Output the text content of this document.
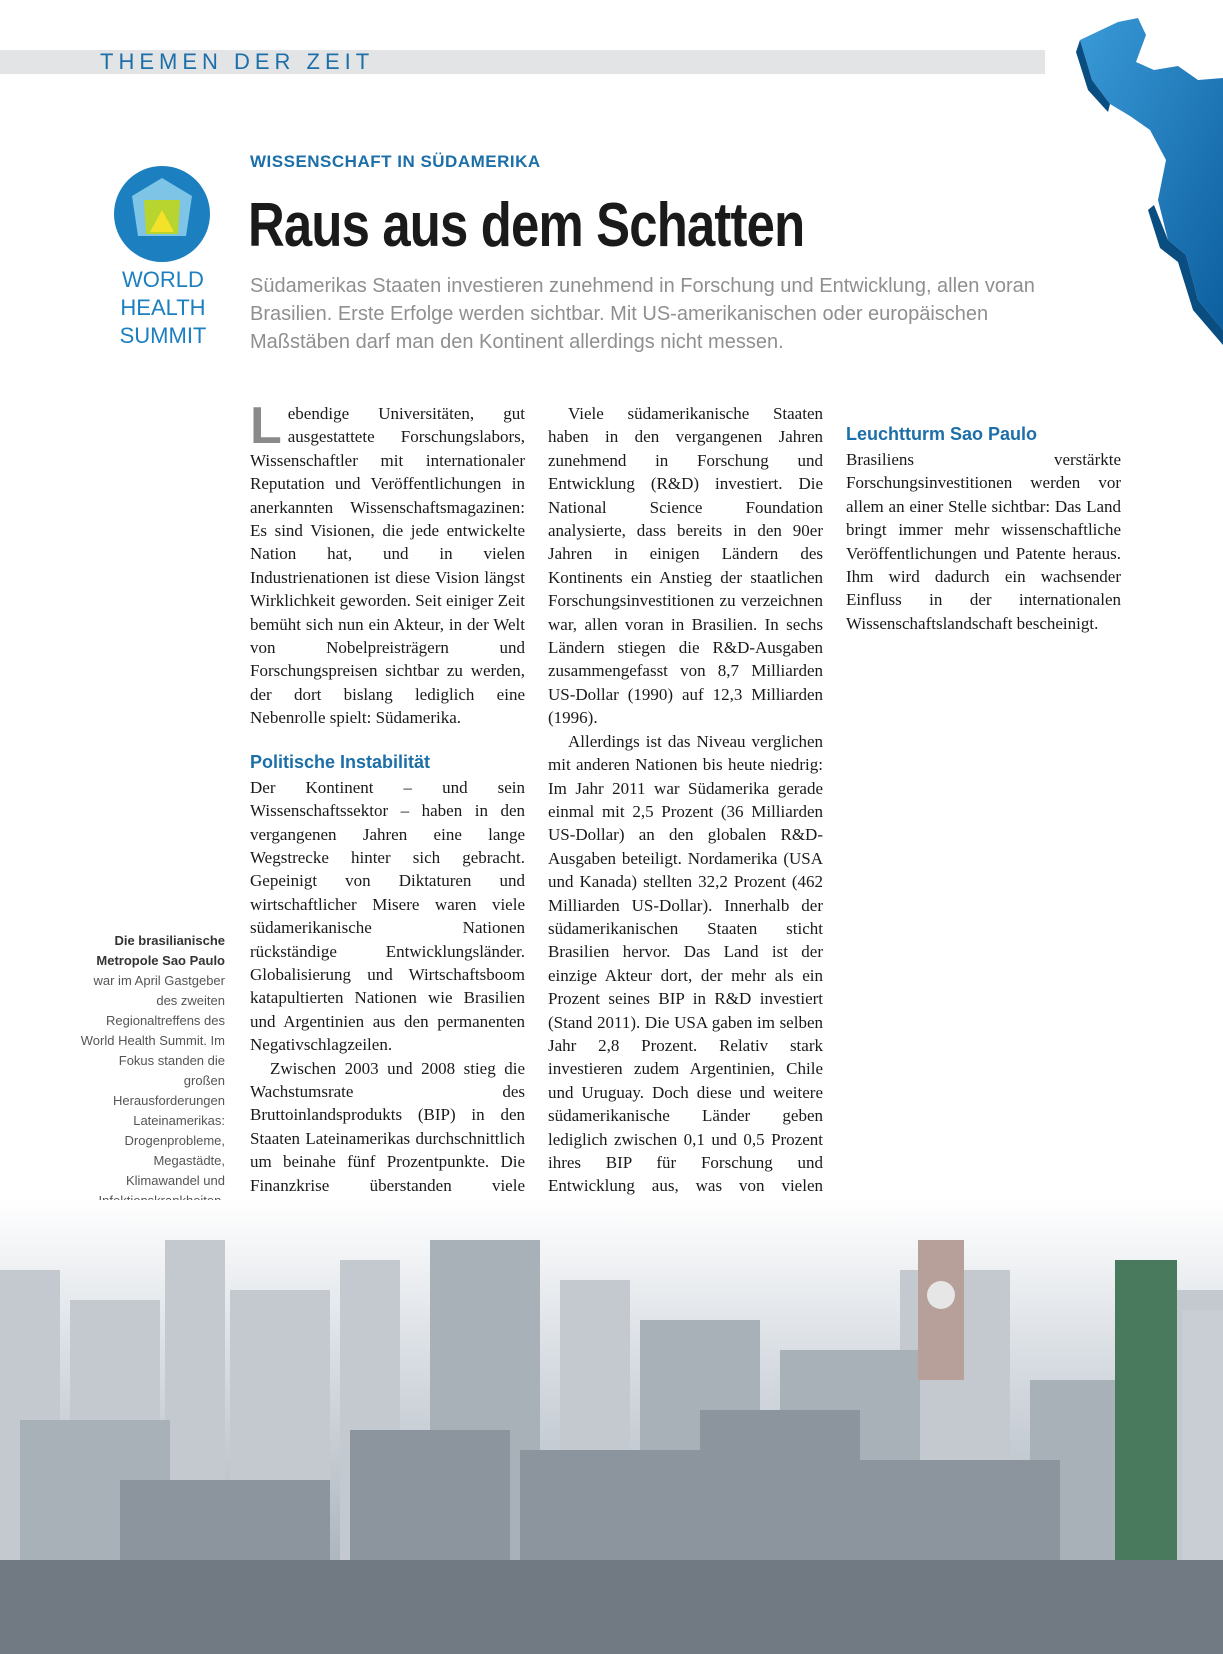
THEMEN DER ZEIT
WORLD
HEALTH
SUMMIT
WISSENSCHAFT IN SÜDAMERIKA
Raus aus dem Schatten

Südamerikas Staaten investieren zunehmend in Forschung und Entwicklung, allen voran Brasilien. Erste Erfolge werden sichtbar. Mit US-amerikanischen oder europäischen Maßstäben darf man den Kontinent allerdings nicht messen.

Lebendige Universitäten, gut ausgestattete Forschungslabors, Wissenschaftler mit internationaler Reputation und Veröffentlichungen in anerkannten Wissenschaftsmagazinen: Es sind Visionen, die jede entwickelte Nation hat, und in vielen Industrienationen ist diese Vision längst Wirklichkeit geworden. Seit einiger Zeit bemüht sich nun ein Akteur, in der Welt von Nobelpreisträgern und Forschungspreisen sichtbar zu werden, der dort bislang lediglich eine Nebenrolle spielt: Südamerika.

Politische Instabilität

Der Kontinent – und sein Wissenschaftssektor – haben in den vergangenen Jahren eine lange Wegstrecke hinter sich gebracht. Gepeinigt von Diktaturen und wirtschaftlicher Misere waren viele südamerikanische Nationen rückständige Entwicklungsländer. Globalisierung und Wirtschaftsboom katapultierten Nationen wie Brasilien und Argentinien aus den permanenten Negativschlagzeilen.

Zwischen 2003 und 2008 stieg die Wachstumsrate des Bruttoinlandsprodukts (BIP) in den Staaten Lateinamerikas durchschnittlich um beinahe fünf Prozentpunkte. Die Finanzkrise überstanden viele

Viele südamerikanische Staaten haben in den vergangenen Jahren zunehmend in Forschung und Entwicklung (R&D) investiert. Die National Science Foundation analysierte, dass bereits in den 90er Jahren in einigen Ländern des Kontinents ein Anstieg der staatlichen Forschungsinvestitionen zu verzeichnen war, allen voran in Brasilien. In sechs Ländern stiegen die R&D-Ausgaben zusammengefasst von 8,7 Milliarden US-Dollar (1990) auf 12,3 Milliarden (1996).

Allerdings ist das Niveau verglichen mit anderen Nationen bis heute niedrig: Im Jahr 2011 war Südamerika gerade einmal mit 2,5 Prozent (36 Milliarden US-Dollar) an den globalen R&D-Ausgaben beteiligt. Nordamerika (USA und Kanada) stellten 32,2 Prozent (462 Milliarden US-Dollar). Innerhalb der südamerikanischen Staaten sticht Brasilien hervor. Das Land ist der einzige Akteur dort, der mehr als ein Prozent seines BIP in R&D investiert (Stand 2011). Die USA gaben im selben Jahr 2,8 Prozent. Relativ stark investieren zudem Argentinien, Chile und Uruguay. Doch diese und weitere südamerikanische Länder geben lediglich zwischen 0,1 und 0,5 Prozent ihres BIP für Forschung und Entwicklung aus, was von vielen

Leuchtturm Sao Paulo

Brasiliens verstärkte Forschungsinvestitionen werden vor allem an einer Stelle sichtbar: Das Land bringt immer mehr wissenschaftliche Veröffentlichungen und Patente heraus. Ihm wird dadurch ein wachsender Einfluss in der internationalen Wissenschaftslandschaft bescheinigt.

Die brasilianische Metropole Sao Paulo war im April Gastgeber des zweiten Regionaltreffens des World Health Summit. Im Fokus standen die großen Herausforderungen Lateinamerikas: Drogenprobleme, Megastädte, Klimawandel und
